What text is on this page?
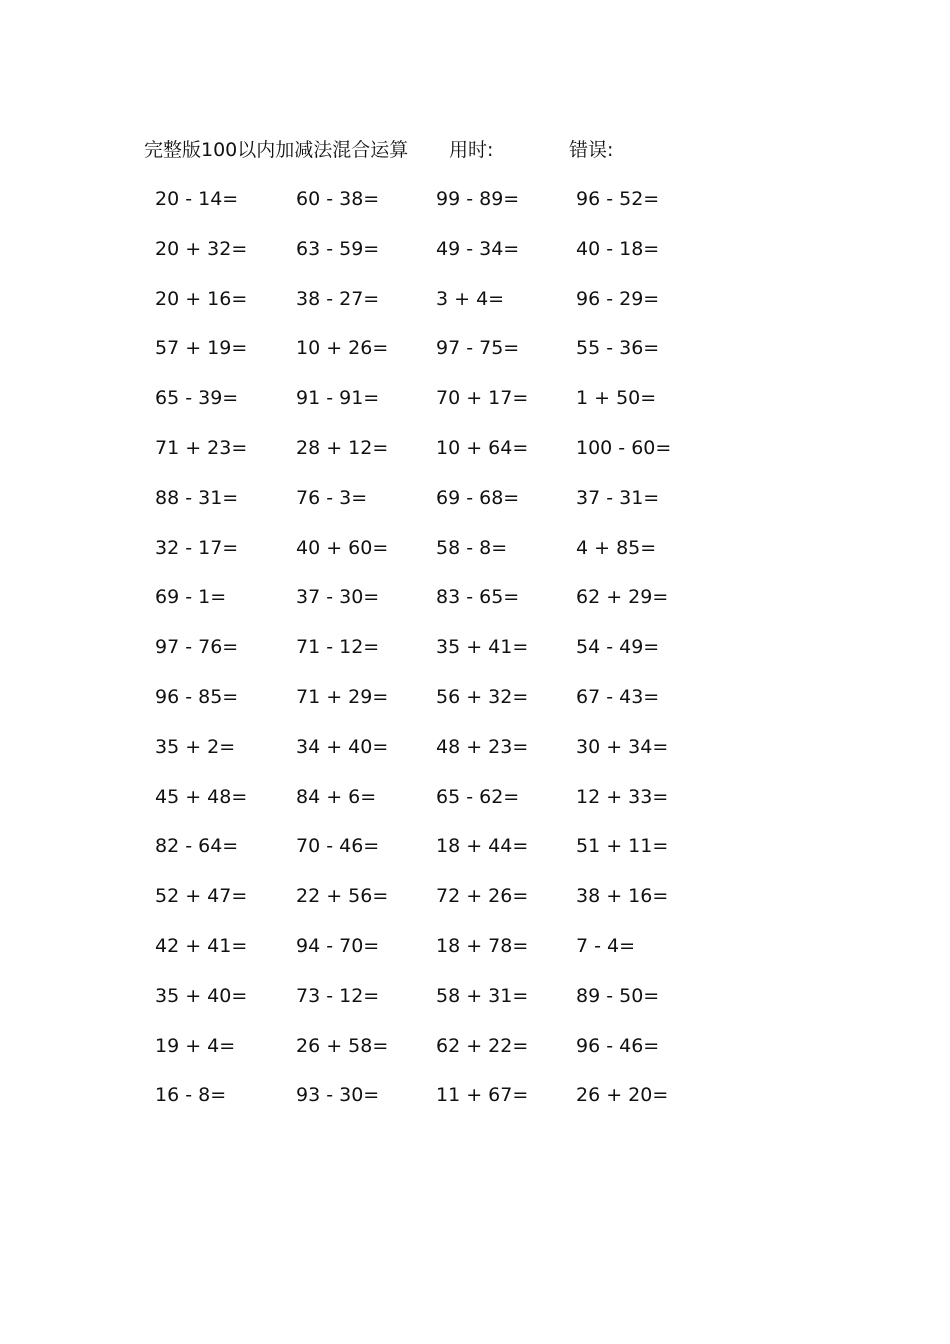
完整版100以内加减法混合运算 用时:	错误:
20 - 14=	60 - 38=	99 - 89=	96 - 52=
20 + 32=	63 - 59=	49 - 34=	40 - 18=
20 + 16=	38 - 27=	3 + 4=	96 - 29=
57 + 19=	10 + 26=	97 - 75=	55 - 36=
65 - 39=	91 - 91=	70 + 17=	1 + 50=
71 + 23=	28 + 12=	10 + 64=	100 - 60=
88 - 31=	76 - 3=	69 - 68=	37 - 31=
32 - 17=	40 + 60=	58 - 8=	4 + 85=
69 - 1=	37 - 30=	83 - 65=	62 + 29=
97 - 76=	71 - 12=	35 + 41=	54 - 49=
96 - 85=	71 + 29=	56 + 32=	67 - 43=
35 + 2=	34 + 40=	48 + 23=	30 + 34=
45 + 48=	84 + 6=	65 - 62=	12 + 33=
82 - 64=	70 - 46=	18 + 44=	51 + 11=
52 + 47=	22 + 56=	72 + 26=	38 + 16=
42 + 41=	94 - 70=	18 + 78=	7 - 4=
35 + 40=	73 - 12=	58 + 31=	89 - 50=
19 + 4=	26 + 58=	62 + 22=	96 - 46=
16 - 8=	93 - 30=	11 + 67=	26 + 20=
